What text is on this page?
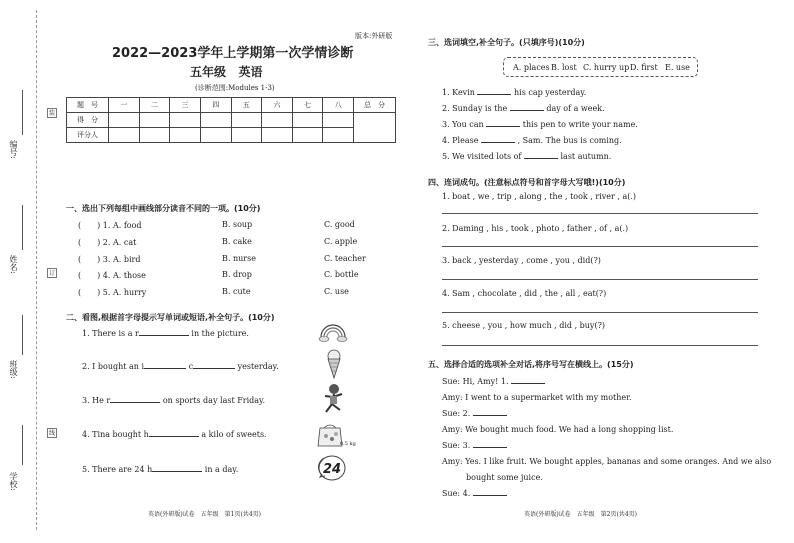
学校:
班级:
姓名:
编号:
装
订
线
版本:外研版
2022—2023学年上学期第一次学情诊断
五年级   英语
(诊断范围:Modules 1-3)
题　号	一	二	三	四	五	六	七	八	总　分
得　分									
评分人									
一、选出下列每组中画线部分读音不同的一项。(10分)
(　　) 1. A. food	B. soup	C. good
(　　) 2. A. cat	B. cake	C. apple
(　　) 3. A. bird	B. nurse	C. teacher
(　　) 4. A. those	B. drop	C. bottle
(　　) 5. A. hurry	B. cute	C. use
二、看图,根据首字母提示写单词或短语,补全句子。(10分)
1. There is a r	in the picture.
2. I bought an i	c	yesterday.
3. He r	on sports day last Friday.
4. Tina bought h	a kilo of sweets.
5. There are 24 h	in a day.
0.5 kg
24
英语(外研版)试卷　五年级　第1页(共4页)
三、选词填空,补全句子。(只填序号)(10分)
A. places B. lost C. hurry up D. first E. use
1. Kevin	his cap yesterday.
2. Sunday is the	day of a week.
3. You can	this pen to write your name.
4. Please	, Sam. The bus is coming.
5. We visited lots of	last autumn.
四、连词成句。(注意标点符号和首字母大写哦!)(10分)
1. boat , we , trip , along , the , took , river , a(.)
2. Daming , his , took , photo , father , of , a(.)
3. back , yesterday , come , you , did(?)
4. Sam , chocolate , did , the , all , eat(?)
5. cheese , you , how much , did , buy(?)
五、选择合适的选项补全对话,将序号写在横线上。(15分)
Sue: Hi, Amy! 1.
Amy: I went to a supermarket with my mother.
Sue: 2.
Amy: We bought much food. We had a long shopping list.
Sue: 3.
Amy: Yes. I like fruit. We bought apples, bananas and some oranges. And we also
bought some juice.
Sue: 4.
英语(外研版)试卷　五年级　第2页(共4页)
